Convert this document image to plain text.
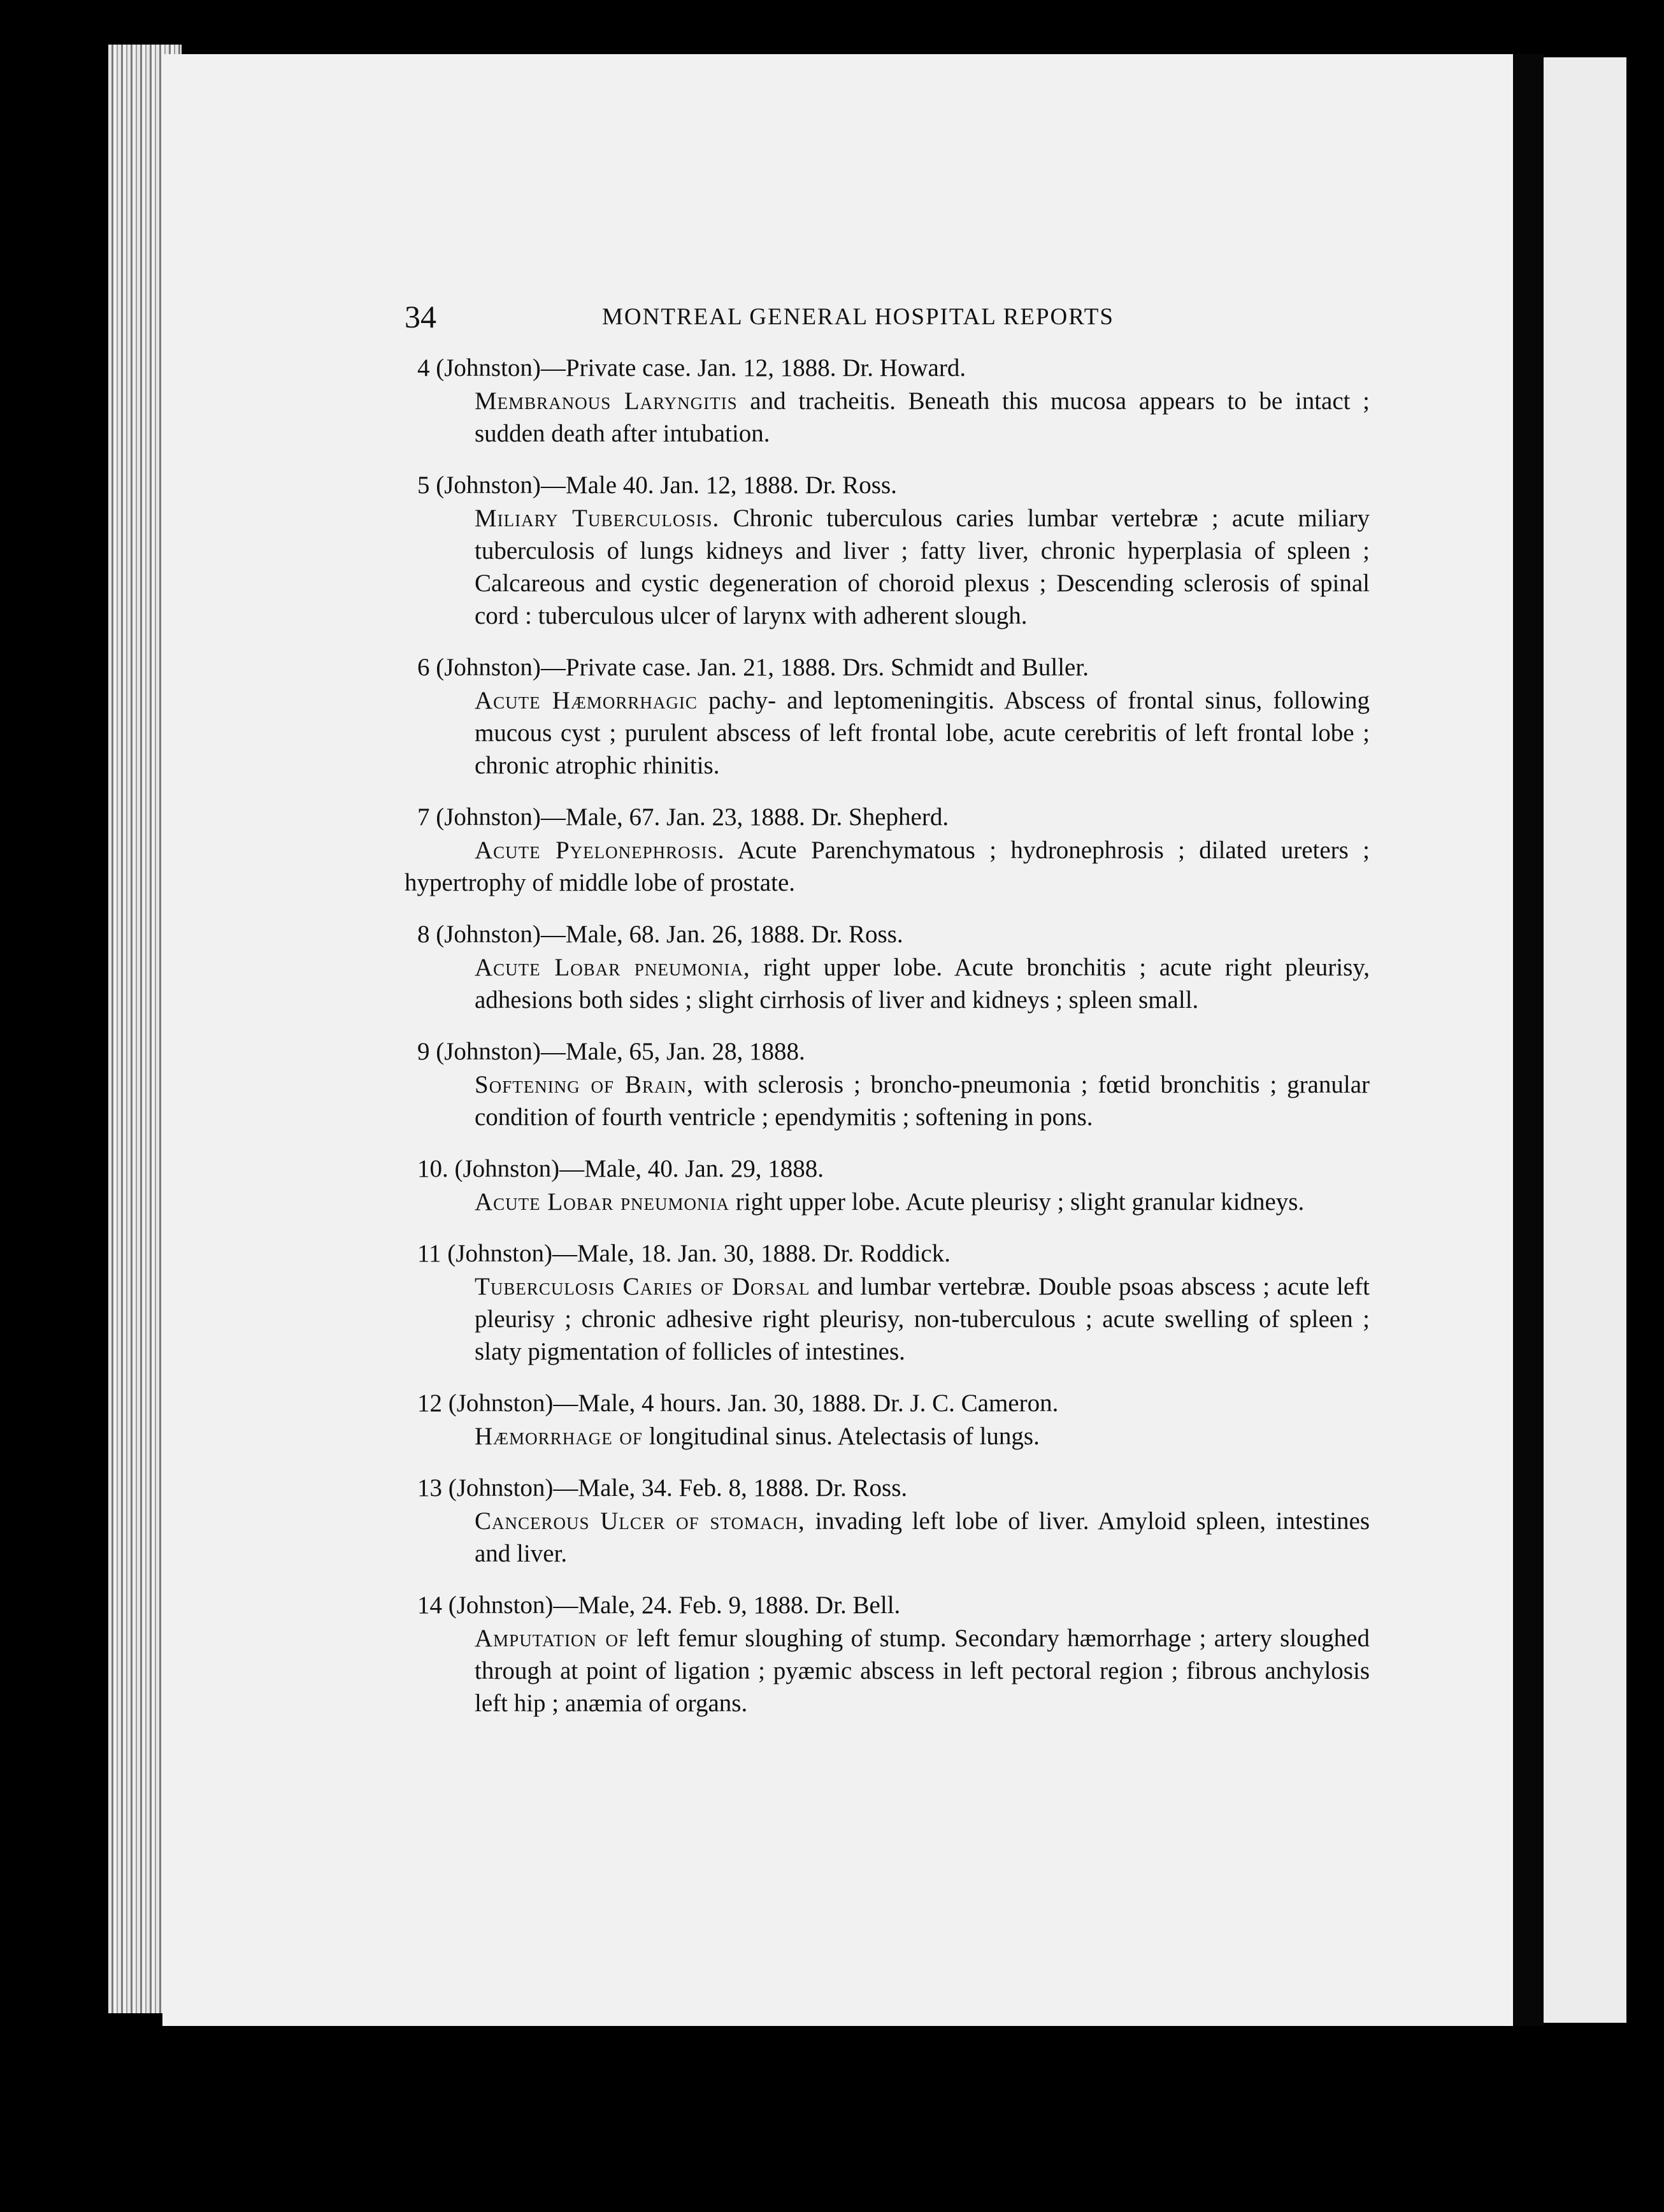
34	MONTREAL GENERAL HOSPITAL REPORTS
4 (Johnston)—Private case. Jan. 12, 1888. Dr. Howard.
Membranous Laryngitis and tracheitis. Beneath this mucosa appears to be intact ; sudden death after intubation.
5 (Johnston)—Male 40. Jan. 12, 1888. Dr. Ross.
Miliary Tuberculosis. Chronic tuberculous caries lumbar vertebræ ; acute miliary tuberculosis of lungs kidneys and liver ; fatty liver, chronic hyperplasia of spleen ; Calcareous and cystic degeneration of choroid plexus ; Descending sclerosis of spinal cord : tuberculous ulcer of larynx with adherent slough.
6 (Johnston)—Private case. Jan. 21, 1888. Drs. Schmidt and Buller.
Acute Hæmorrhagic pachy- and leptomeningitis. Abscess of frontal sinus, following mucous cyst ; purulent abscess of left frontal lobe, acute cerebritis of left frontal lobe ; chronic atrophic rhinitis.
7 (Johnston)—Male, 67. Jan. 23, 1888. Dr. Shepherd.
Acute Pyelonephrosis. Acute Parenchymatous ; hydronephrosis ; dilated ureters ; hypertrophy of middle lobe of prostate.
8 (Johnston)—Male, 68. Jan. 26, 1888. Dr. Ross.
Acute Lobar pneumonia, right upper lobe. Acute bronchitis ; acute right pleurisy, adhesions both sides ; slight cirrhosis of liver and kidneys ; spleen small.
9 (Johnston)—Male, 65, Jan. 28, 1888.
Softening of Brain, with sclerosis ; broncho-pneumonia ; fœtid bronchitis ; granular condition of fourth ventricle ; ependymitis ; softening in pons.
10. (Johnston)—Male, 40. Jan. 29, 1888.
Acute Lobar pneumonia right upper lobe. Acute pleurisy ; slight granular kidneys.
11 (Johnston)—Male, 18. Jan. 30, 1888. Dr. Roddick.
Tuberculosis Caries of Dorsal and lumbar vertebræ. Double psoas abscess ; acute left pleurisy ; chronic adhesive right pleurisy, non-tuberculous ; acute swelling of spleen ; slaty pigmentation of follicles of intestines.
12 (Johnston)—Male, 4 hours. Jan. 30, 1888. Dr. J. C. Cameron.
Hæmorrhage of longitudinal sinus. Atelectasis of lungs.
13 (Johnston)—Male, 34. Feb. 8, 1888. Dr. Ross.
Cancerous Ulcer of stomach, invading left lobe of liver. Amyloid spleen, intestines and liver.
14 (Johnston)—Male, 24. Feb. 9, 1888. Dr. Bell.
Amputation of left femur sloughing of stump. Secondary hæmorrhage ; artery sloughed through at point of ligation ; pyæmic abscess in left pectoral region ; fibrous anchylosis left hip ; anæmia of organs.
